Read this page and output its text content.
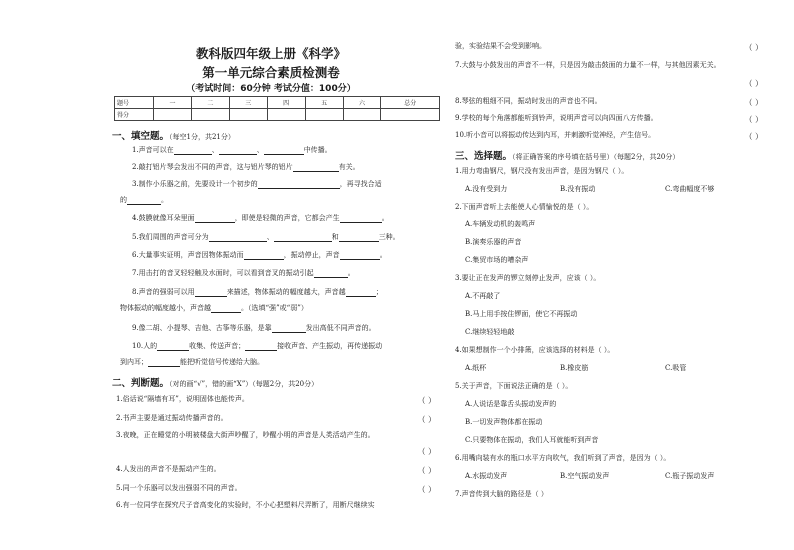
教科版四年级上册《科学》
第一单元综合素质检测卷
（考试时间：60分钟 考试分值：100分）
题号	一	二	三	四	五	六	总分
得分							
一、填空题。（每空1分，共21分）
1.声音可以在	、	、	中传播。
2.敲打铝片琴会发出不同的声音，这与铝片琴的铝片	有关。
3.制作小乐器之前，先要设计一个初步的	，再寻找合适
的	。
4.鼓膜就像耳朵里面	，即使是轻微的声音，它都会产生	。
5.我们周围的声音可分为	、	和	三种。
6.大量事实证明，声音因物体振动而	，振动停止，声音	。
7.用击打的音叉轻轻触及水面时，可以看到音叉的振动引起	。
8.声音的强弱可以用	来描述，物体振动的幅度越大，声音越	；
物体振动的幅度越小，声音越	。（选填“强”或“弱”）
9.像二胡、小提琴、吉他、古筝等乐器，是靠	发出高低不同声音的。
10.人的	收集、传送声音；	接收声音、产生振动，再传递振动
到内耳；	能把听觉信号传递给大脑。
二、判断题。（对的画“√”，错的画“X”）（每题2分，共20分）
1.俗话说“隔墙有耳”，说明固体也能传声。	（ ）
2.书声主要是通过振动传播声音的。	（ ）
3.夜晚，正在睡觉的小明被楼盘大街声吵醒了，吵醒小明的声音是人类活动产生的。
（ ）
4.人发出的声音不是振动产生的。	（ ）
5.同一个乐器可以发出强弱不同的声音。	（ ）
6.有一位同学在探究尺子音高变化的实验时，不小心把塑料尺弄断了，用断尺继续实
验，实验结果不会受到影响。	（ ）
7.大鼓与小鼓发出的声音不一样，只是因为敲击鼓面的力量不一样，与其他因素无关。
（ ）
8.琴弦的粗细不同，振动时发出的声音也不同。	（ ）
9.学校的每个角落都能听到铃声，说明声音可以向四面八方传播。	（ ）
10.听小音可以将振动传达到内耳，并刺激听觉神经，产生信号。	（ ）
三、选择题。（将正确答案的序号填在括号里）（每题2分，共20分）
1.用力弯曲钢尺，钢尺没有发出声音，是因为钢尺（ ）。
A.没有受到力	B.没有振动	C.弯曲幅度不够
2.下面声音听上去能使人心情愉悦的是（ ）。
A.车辆发动机的轰鸣声
B.演奏乐器的声音
C.集贸市场的嘈杂声
3.要让正在发声的锣立刻停止发声，应该（ ）。
A.不再敲了
B.马上用手按住锣面，使它不再振动
C.继续轻轻地敲
4.如果想制作一个小排箫，应该选择的材料是（ ）。
A.纸杯	B.橡皮筋	C.吸管
5.关于声音，下面说法正确的是（ ）。
A.人说话是靠舌头振动发声的
B.一切发声物体都在振动
C.只要物体在振动，我们人耳就能听到声音
6.用嘴向装有水的瓶口水平方向吹气，我们听到了声音，是因为（ ）。
A.水振动发声	B.空气振动发声	C.瓶子振动发声
7.声音传到大脑的路径是（ ）
